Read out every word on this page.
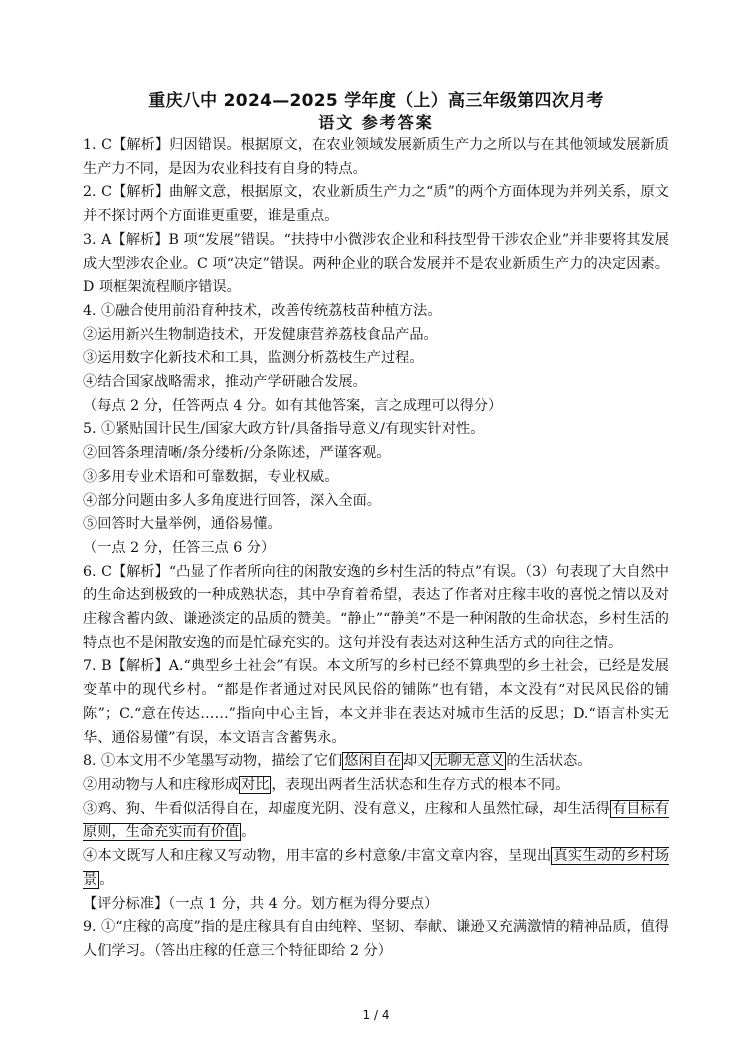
重庆八中 2024—2025 学年度（上）高三年级第四次月考
语文 参考答案

1. C【解析】归因错误。根据原文，在农业领域发展新质生产力之所以与在其他领域发展新质生产力不同，是因为农业科技有自身的特点。

2. C【解析】曲解文意，根据原文，农业新质生产力之“质”的两个方面体现为并列关系，原文并不探讨两个方面谁更重要，谁是重点。

3. A【解析】B 项“发展”错误。“扶持中小微涉农企业和科技型骨干涉农企业”并非要将其发展成大型涉农企业。C 项“决定”错误。两种企业的联合发展并不是农业新质生产力的决定因素。D 项框架流程顺序错误。

4. ①融合使用前沿育种技术，改善传统荔枝苗种植方法。

②运用新兴生物制造技术，开发健康营养荔枝食品产品。

③运用数字化新技术和工具，监测分析荔枝生产过程。

④结合国家战略需求，推动产学研融合发展。

（每点 2 分，任答两点 4 分。如有其他答案，言之成理可以得分）

5. ①紧贴国计民生/国家大政方针/具备指导意义/有现实针对性。

②回答条理清晰/条分缕析/分条陈述，严谨客观。

③多用专业术语和可靠数据，专业权威。

④部分问题由多人多角度进行回答，深入全面。

⑤回答时大量举例，通俗易懂。

（一点 2 分，任答三点 6 分）

6. C【解析】“凸显了作者所向往的闲散安逸的乡村生活的特点”有误。（3）句表现了大自然中的生命达到极致的一种成熟状态，其中孕育着希望，表达了作者对庄稼丰收的喜悦之情以及对庄稼含蓄内敛、谦逊淡定的品质的赞美。“静止”“静美”不是一种闲散的生命状态，乡村生活的特点也不是闲散安逸的而是忙碌充实的。这句并没有表达对这种生活方式的向往之情。

7. B【解析】A.“典型乡土社会”有误。本文所写的乡村已经不算典型的乡土社会，已经是发展变革中的现代乡村。“都是作者通过对民风民俗的铺陈”也有错，本文没有“对民风民俗的铺陈”；C.“意在传达……”指向中心主旨，本文并非在表达对城市生活的反思；D.“语言朴实无华、通俗易懂”有误，本文语言含蓄隽永。

8. ①本文用不少笔墨写动物，描绘了它们 悠闲自在 却又 无聊无意义 的生活状态。

②用动物与人和庄稼形成 对比 ，表现出两者生活状态和生存方式的根本不同。

③鸡、狗、牛看似活得自在，却虚度光阴、没有意义，庄稼和人虽然忙碌，却生活得 有目标有原则，生命充实而有价值 。

④本文既写人和庄稼又写动物，用丰富的乡村意象/丰富文章内容，呈现出 真实生动的乡村场景 。

【评分标准】（一点 1 分，共 4 分。划方框为得分要点）

9. ①“庄稼的高度”指的是庄稼具有自由纯粹、坚韧、奉献、谦逊又充满激情的精神品质，值得人们学习。（答出庄稼的任意三个特征即给 2 分）

1 / 4
